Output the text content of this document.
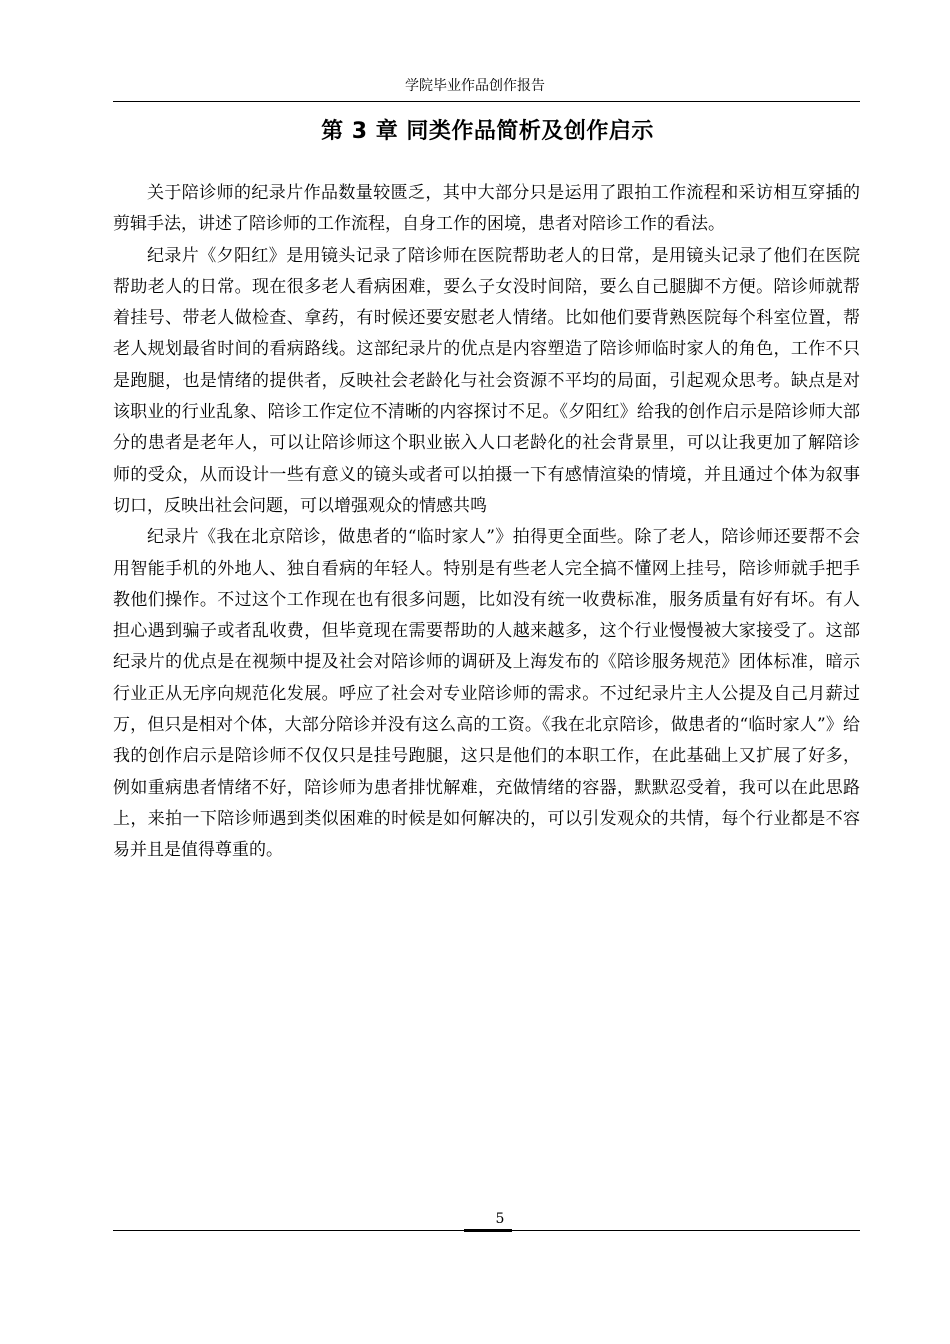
学院毕业作品创作报告
第 3 章 同类作品简析及创作启示

关于陪诊师的纪录片作品数量较匮乏，其中大部分只是运用了跟拍工作流程和采访相互穿插的剪辑手法，讲述了陪诊师的工作流程，自身工作的困境，患者对陪诊工作的看法。

纪录片《夕阳红》是用镜头记录了陪诊师在医院帮助老人的日常，是用镜头记录了他们在医院帮助老人的日常。现在很多老人看病困难，要么子女没时间陪，要么自己腿脚不方便。陪诊师就帮着挂号、带老人做检查、拿药，有时候还要安慰老人情绪。比如他们要背熟医院每个科室位置，帮老人规划最省时间的看病路线。这部纪录片的优点是内容塑造了陪诊师临时家人的角色，工作不只是跑腿，也是情绪的提供者，反映社会老龄化与社会资源不平均的局面，引起观众思考。缺点是对该职业的行业乱象、陪诊工作定位不清晰的内容探讨不足。《夕阳红》给我的创作启示是陪诊师大部分的患者是老年人，可以让陪诊师这个职业嵌入人口老龄化的社会背景里，可以让我更加了解陪诊师的受众，从而设计一些有意义的镜头或者可以拍摄一下有感情渲染的情境，并且通过个体为叙事切口，反映出社会问题，可以增强观众的情感共鸣

纪录片《我在北京陪诊，做患者的“临时家人”》拍得更全面些。除了老人，陪诊师还要帮不会用智能手机的外地人、独自看病的年轻人。特别是有些老人完全搞不懂网上挂号，陪诊师就手把手教他们操作。不过这个工作现在也有很多问题，比如没有统一收费标准，服务质量有好有坏。有人担心遇到骗子或者乱收费，但毕竟现在需要帮助的人越来越多，这个行业慢慢被大家接受了。这部纪录片的优点是在视频中提及社会对陪诊师的调研及上海发布的《陪诊服务规范》团体标准，暗示行业正从无序向规范化发展。呼应了社会对专业陪诊师的需求。不过纪录片主人公提及自己月薪过万，但只是相对个体，大部分陪诊并没有这么高的工资。《我在北京陪诊，做患者的“临时家人”》给我的创作启示是陪诊师不仅仅只是挂号跑腿，这只是他们的本职工作，在此基础上又扩展了好多，例如重病患者情绪不好，陪诊师为患者排忧解难，充做情绪的容器，默默忍受着，我可以在此思路上，来拍一下陪诊师遇到类似困难的时候是如何解决的，可以引发观众的共情，每个行业都是不容易并且是值得尊重的。

5
